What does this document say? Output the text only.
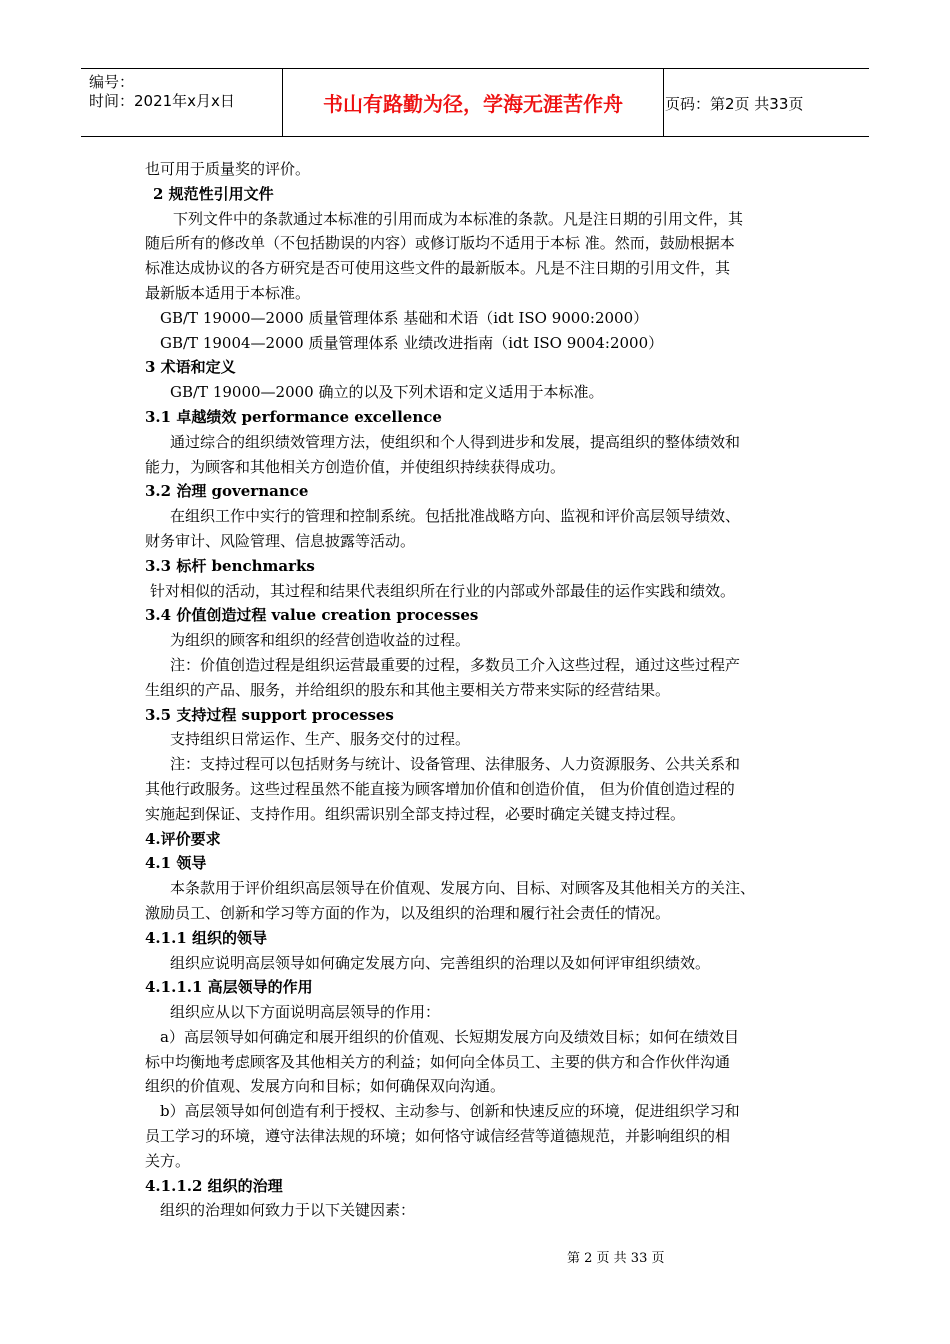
编号：
时间：2021年x月x日	书山有路勤为径，学海无涯苦作舟	页码：第2页 共33页
也可用于质量奖的评价。
2 规范性引用文件
下列文件中的条款通过本标准的引用而成为本标准的条款。凡是注日期的引用文件，其
随后所有的修改单（不包括勘误的内容）或修订版均不适用于本标 准。然而，鼓励根据本
标准达成协议的各方研究是否可使用这些文件的最新版本。凡是不注日期的引用文件，其
最新版本适用于本标准。
GB/T 19000—2000 质量管理体系 基础和术语（idt ISO 9000:2000）
GB/T 19004—2000 质量管理体系 业绩改进指南（idt ISO 9004:2000）
3 术语和定义
GB/T 19000—2000 确立的以及下列术语和定义适用于本标准。
3.1 卓越绩效 performance excellence
通过综合的组织绩效管理方法，使组织和个人得到进步和发展，提高组织的整体绩效和
能力，为顾客和其他相关方创造价值，并使组织持续获得成功。
3.2 治理 governance
在组织工作中实行的管理和控制系统。包括批准战略方向、监视和评价高层领导绩效、
财务审计、风险管理、信息披露等活动。
3.3 标杆 benchmarks
针对相似的活动，其过程和结果代表组织所在行业的内部或外部最佳的运作实践和绩效。
3.4 价值创造过程 value creation processes
为组织的顾客和组织的经营创造收益的过程。
注：价值创造过程是组织运营最重要的过程，多数员工介入这些过程，通过这些过程产
生组织的产品、服务，并给组织的股东和其他主要相关方带来实际的经营结果。
3.5 支持过程 support processes
支持组织日常运作、生产、服务交付的过程。
注：支持过程可以包括财务与统计、设备管理、法律服务、人力资源服务、公共关系和
其他行政服务。这些过程虽然不能直接为顾客增加价值和创造价值， 但为价值创造过程的
实施起到保证、支持作用。组织需识别全部支持过程，必要时确定关键支持过程。
4.评价要求
4.1 领导
本条款用于评价组织高层领导在价值观、发展方向、目标、对顾客及其他相关方的关注、
激励员工、创新和学习等方面的作为，以及组织的治理和履行社会责任的情况。
4.1.1 组织的领导
组织应说明高层领导如何确定发展方向、完善组织的治理以及如何评审组织绩效。
4.1.1.1 高层领导的作用
组织应从以下方面说明高层领导的作用：
a）高层领导如何确定和展开组织的价值观、长短期发展方向及绩效目标；如何在绩效目
标中均衡地考虑顾客及其他相关方的利益；如何向全体员工、主要的供方和合作伙伴沟通
组织的价值观、发展方向和目标；如何确保双向沟通。
b）高层领导如何创造有利于授权、主动参与、创新和快速反应的环境，促进组织学习和
员工学习的环境，遵守法律法规的环境；如何恪守诚信经营等道德规范，并影响组织的相
关方。
4.1.1.2 组织的治理
组织的治理如何致力于以下关键因素：
第 2 页 共 33 页
